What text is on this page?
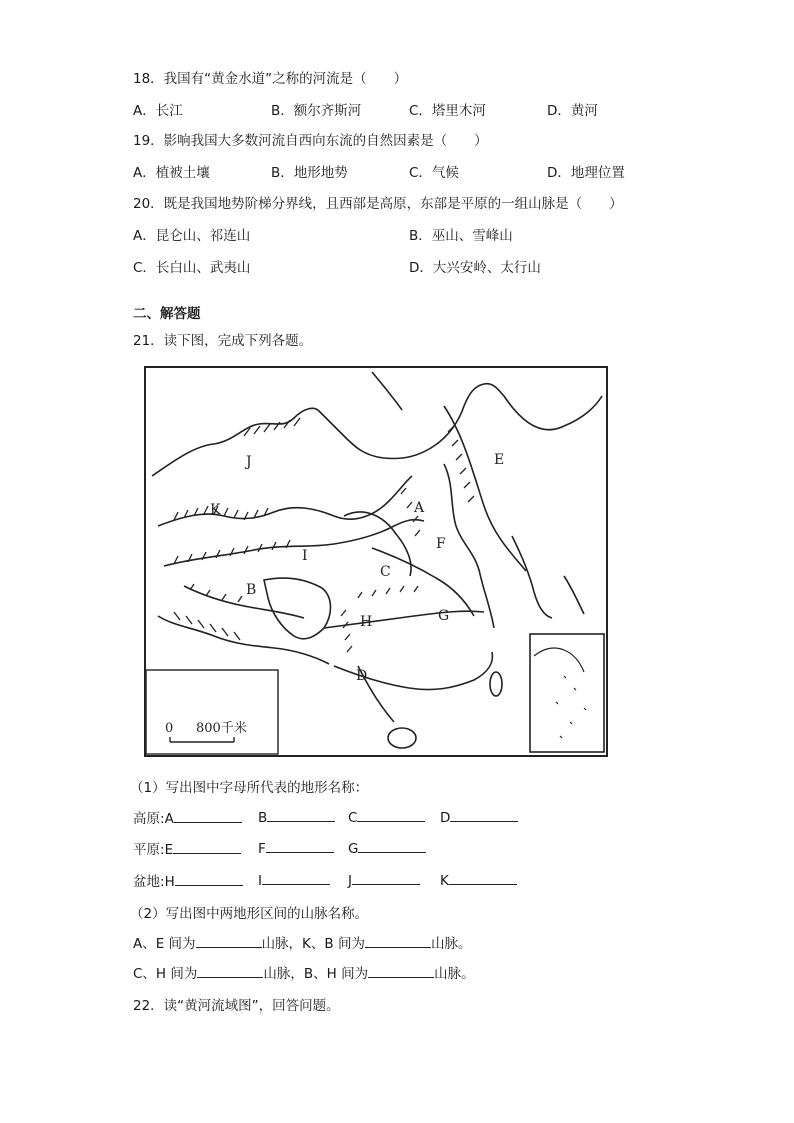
18．我国有“黄金水道”之称的河流是（　　）
A．长江	B．额尔齐斯河	C．塔里木河	D．黄河
19．影响我国大多数河流自西向东流的自然因素是（　　）
A．植被土壤	B．地形地势	C．气候	D．地理位置
20．既是我国地势阶梯分界线，且西部是高原，东部是平原的一组山脉是（　　）
A．昆仑山、祁连山	B．巫山、雪峰山
C．长白山、武夷山	D．大兴安岭、太行山
二、解答题
21．读下图，完成下列各题。
0 800千米
J	E
K	A
F
I
C
B
H	G
D
（1）写出图中字母所代表的地形名称：
高原:A	B	C	D
平原:E	F	G
盆地:H	I	J	K
（2）写出图中两地形区间的山脉名称。
A、E 间为	山脉，K、B 间为	山脉。
C、H 间为	山脉，B、H 间为	山脉。
22．读“黄河流域图”，回答问题。
